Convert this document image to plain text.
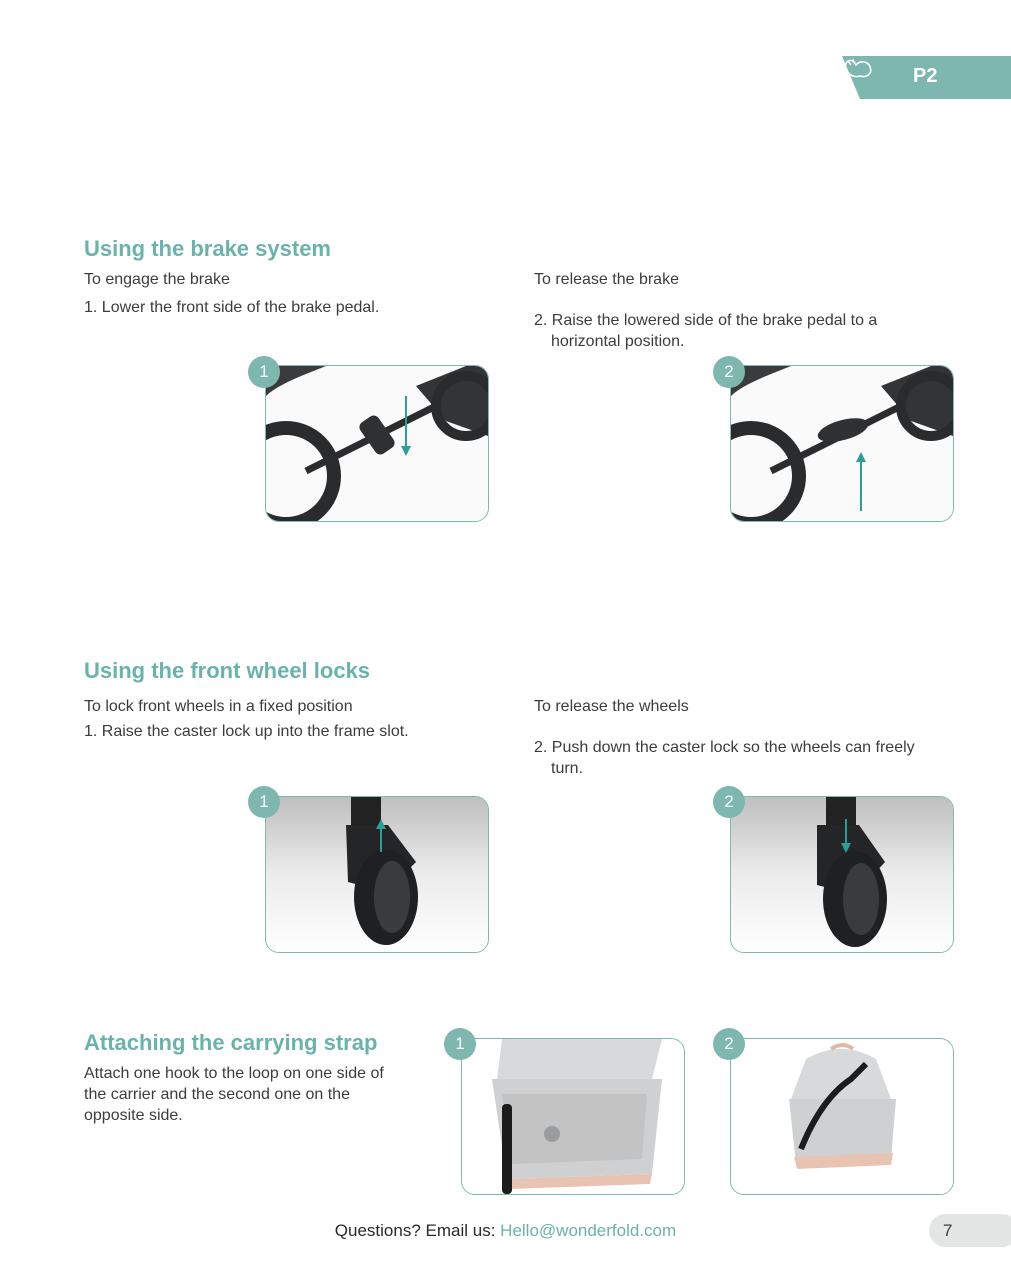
P2
Using the brake system

To engage the brake

1. Lower the front side of the brake pedal.

To release the brake

2. Raise the lowered side of the brake pedal to a horizontal position.

1	2
Using the front wheel locks

To lock front wheels in a fixed position

1. Raise the caster lock up into the frame slot.

To release the wheels

2. Push down the caster lock so the wheels can freely turn.

1	2
Attaching the carrying strap

Attach one hook to the loop on one side of the carrier and the second one on the opposite side.

1	2
Questions? Email us: Hello@wonderfold.com	7
